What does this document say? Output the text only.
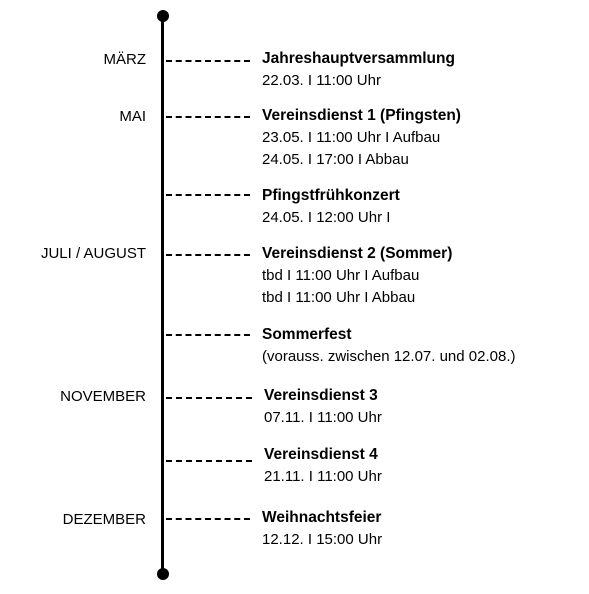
MÄRZ
MAI
JULI / AUGUST
NOVEMBER
DEZEMBER
Jahreshauptversammlung
22.03. I 11:00 Uhr
Vereinsdienst 1 (Pfingsten)
23.05. I 11:00 Uhr I Aufbau
24.05. I 17:00 I Abbau
Pfingstfrühkonzert
24.05. I 12:00 Uhr I
Vereinsdienst 2 (Sommer)
tbd I 11:00 Uhr I Aufbau
tbd I 11:00 Uhr I Abbau
Sommerfest
(vorauss. zwischen 12.07. und 02.08.)
Vereinsdienst 3
07.11. I 11:00 Uhr
Vereinsdienst 4
21.11. I 11:00 Uhr
Weihnachtsfeier
12.12. I 15:00 Uhr
